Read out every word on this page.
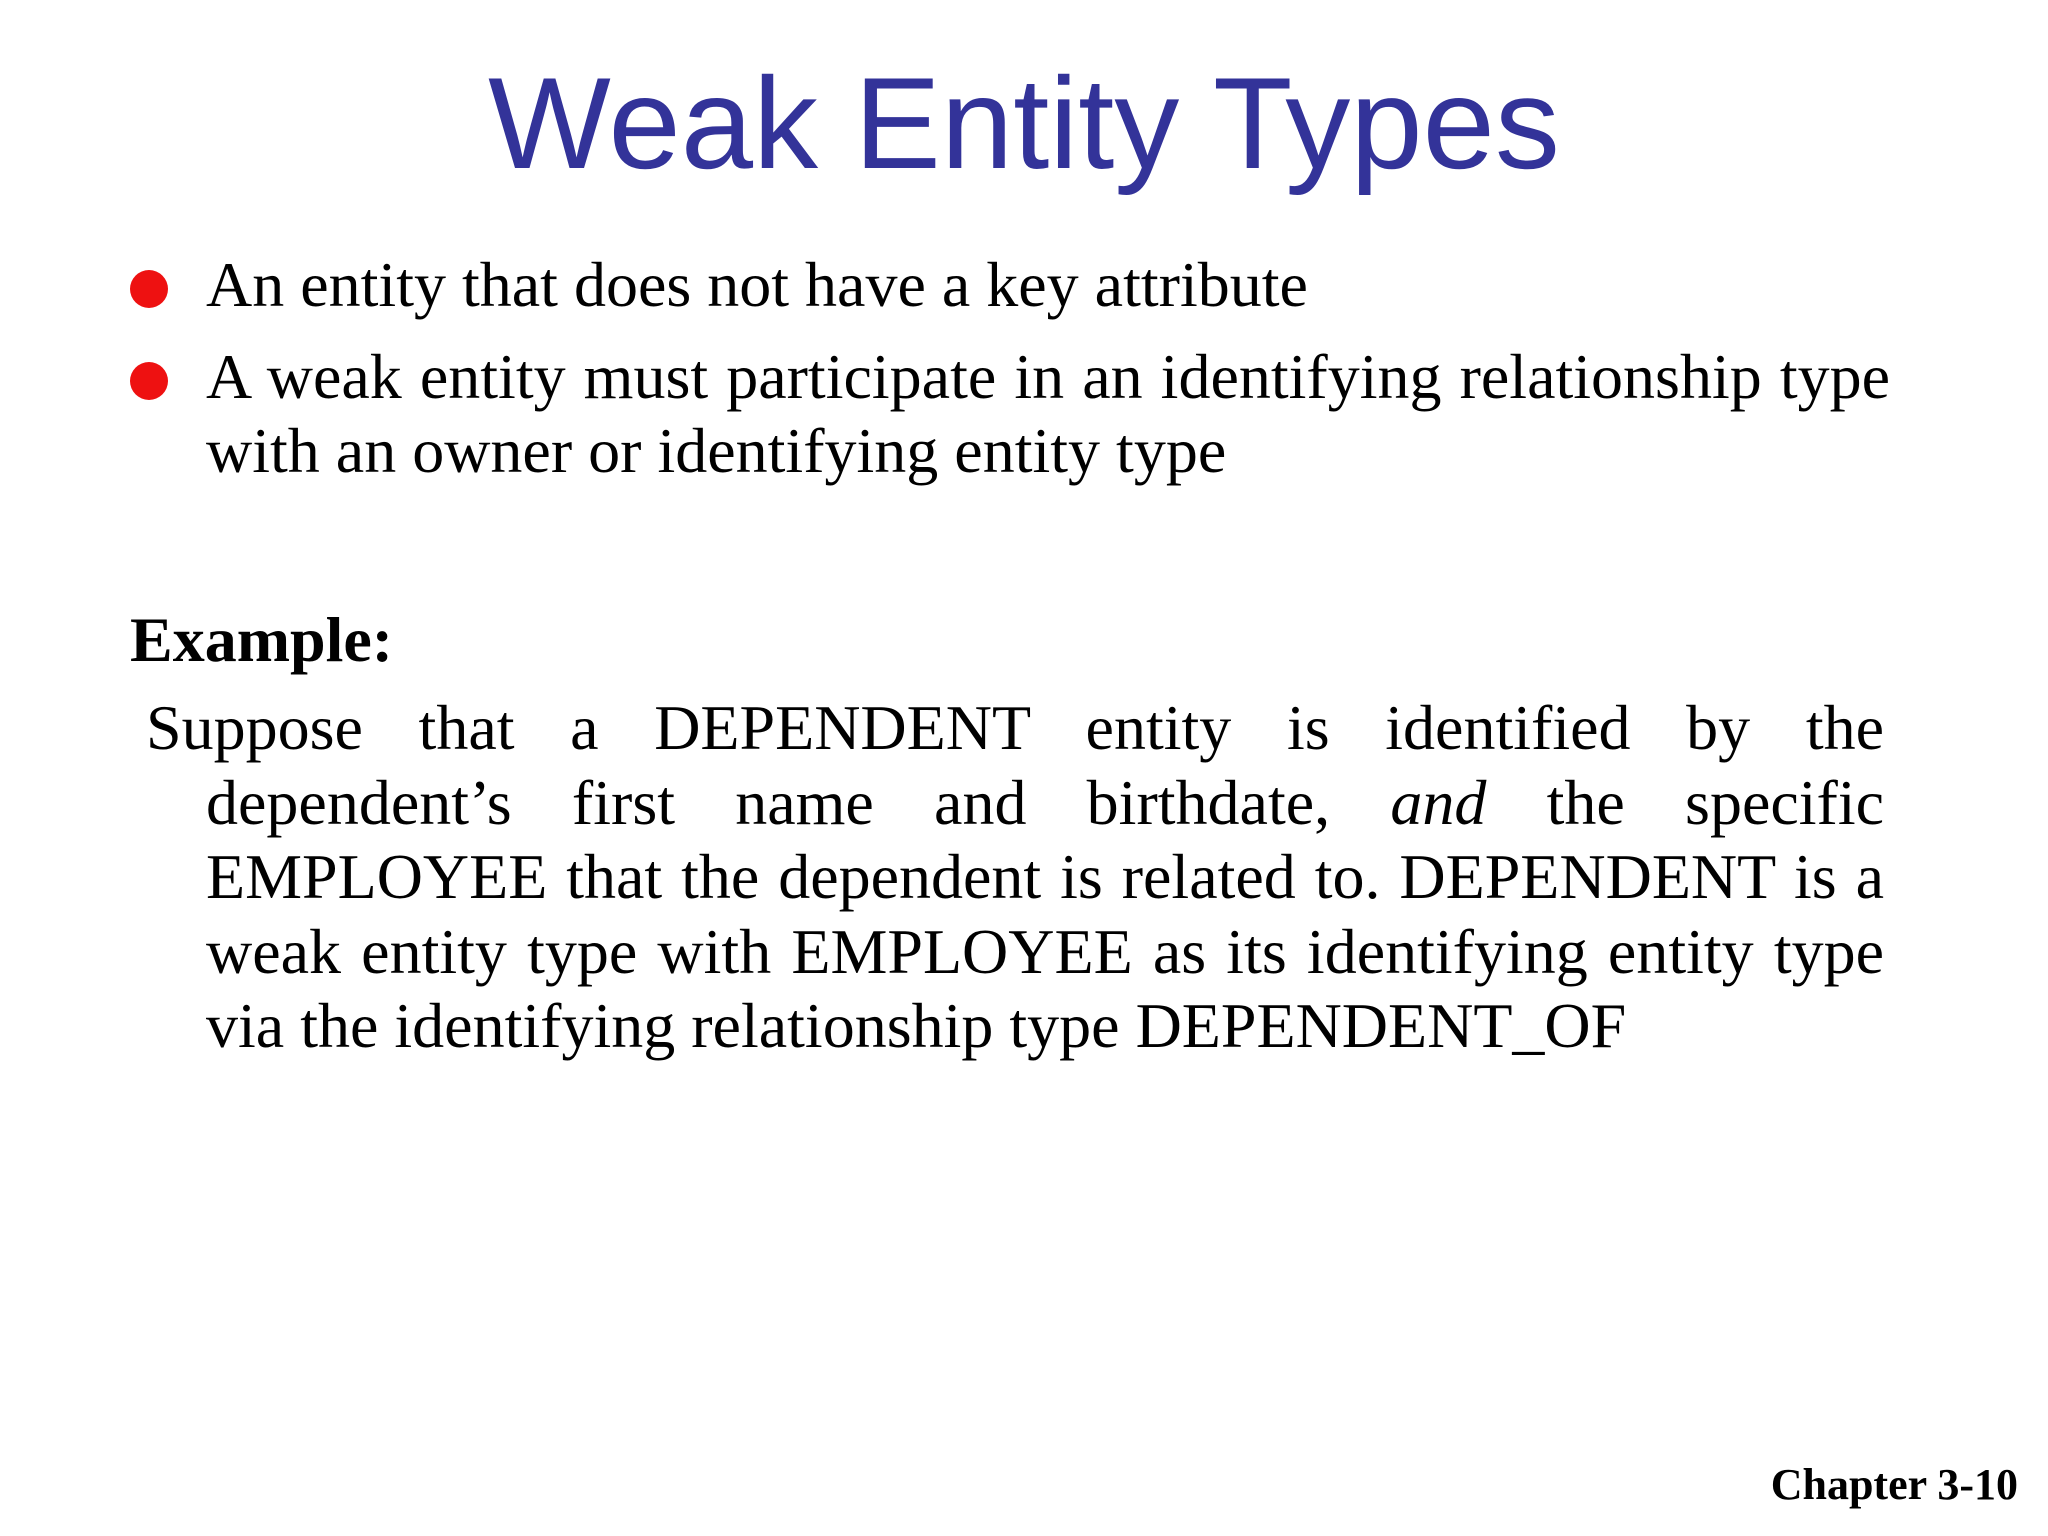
Weak Entity Types
An entity that does not have a key attribute
A weak entity must participate in an identifying relationship type with an owner or identifying entity type
Example:

Suppose that a DEPENDENT entity is identified by the dependent’s first name and birthdate, and the specific EMPLOYEE that the dependent is related to. DEPENDENT is a weak entity type with EMPLOYEE as its identifying entity type via the identifying relationship type DEPENDENT_OF

Chapter 3-10
